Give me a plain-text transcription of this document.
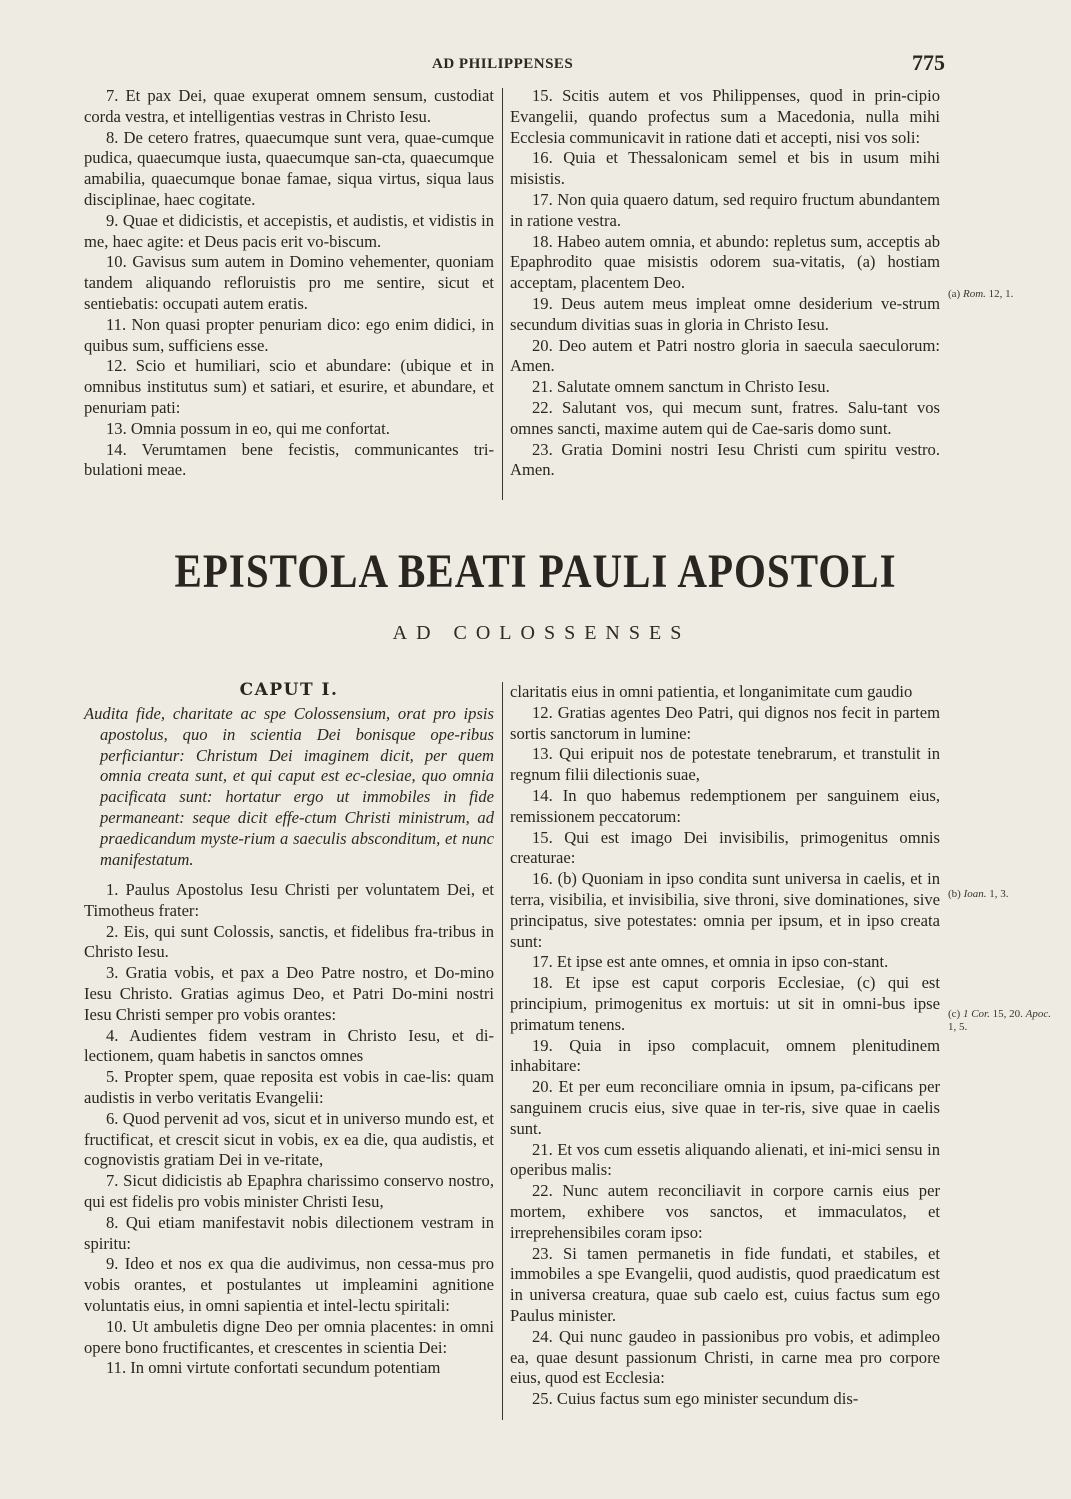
AD PHILIPPENSES	775

7. Et pax Dei, quae exuperat omnem sensum, custodiat corda vestra, et intelligentias vestras in Christo Iesu.

8. De cetero fratres, quaecumque sunt vera, quae-cumque pudica, quaecumque iusta, quaecumque san-cta, quaecumque amabilia, quaecumque bonae famae, siqua virtus, siqua laus disciplinae, haec cogitate.

9. Quae et didicistis, et accepistis, et audistis, et vidistis in me, haec agite: et Deus pacis erit vo-biscum.

10. Gavisus sum autem in Domino vehementer, quoniam tandem aliquando refloruistis pro me sentire, sicut et sentiebatis: occupati autem eratis.

11. Non quasi propter penuriam dico: ego enim didici, in quibus sum, sufficiens esse.

12. Scio et humiliari, scio et abundare: (ubique et in omnibus institutus sum) et satiari, et esurire, et abundare, et penuriam pati:

13. Omnia possum in eo, qui me confortat.

14. Verumtamen bene fecistis, communicantes tri-bulationi meae.

15. Scitis autem et vos Philippenses, quod in prin-cipio Evangelii, quando profectus sum a Macedonia, nulla mihi Ecclesia communicavit in ratione dati et accepti, nisi vos soli:

16. Quia et Thessalonicam semel et bis in usum mihi misistis.

17. Non quia quaero datum, sed requiro fructum abundantem in ratione vestra.

18. Habeo autem omnia, et abundo: repletus sum, acceptis ab Epaphrodito quae misistis odorem sua-vitatis, (a) hostiam acceptam, placentem Deo.

19. Deus autem meus impleat omne desiderium ve-strum secundum divitias suas in gloria in Christo Iesu.

20. Deo autem et Patri nostro gloria in saecula saeculorum: Amen.

21. Salutate omnem sanctum in Christo Iesu.

22. Salutant vos, qui mecum sunt, fratres. Salu-tant vos omnes sancti, maxime autem qui de Cae-saris domo sunt.

23. Gratia Domini nostri Iesu Christi cum spiritu vestro. Amen.

(a) Rom. 12, 1.
EPISTOLA BEATI PAULI APOSTOLI
AD COLOSSENSES
CAPUT I.
Audita fide, charitate ac spe Colossensium, orat pro ipsis apostolus, quo in scientia Dei bonisque ope-ribus perficiantur: Christum Dei imaginem dicit, per quem omnia creata sunt, et qui caput est ec-clesiae, quo omnia pacificata sunt: hortatur ergo ut immobiles in fide permaneant: seque dicit effe-ctum Christi ministrum, ad praedicandum myste-rium a saeculis absconditum, et nunc manifestatum.

1. Paulus Apostolus Iesu Christi per voluntatem Dei, et Timotheus frater:

2. Eis, qui sunt Colossis, sanctis, et fidelibus fra-tribus in Christo Iesu.

3. Gratia vobis, et pax a Deo Patre nostro, et Do-mino Iesu Christo. Gratias agimus Deo, et Patri Do-mini nostri Iesu Christi semper pro vobis orantes:

4. Audientes fidem vestram in Christo Iesu, et di-lectionem, quam habetis in sanctos omnes

5. Propter spem, quae reposita est vobis in cae-lis: quam audistis in verbo veritatis Evangelii:

6. Quod pervenit ad vos, sicut et in universo mundo est, et fructificat, et crescit sicut in vobis, ex ea die, qua audistis, et cognovistis gratiam Dei in ve-ritate,

7. Sicut didicistis ab Epaphra charissimo conservo nostro, qui est fidelis pro vobis minister Christi Iesu,

8. Qui etiam manifestavit nobis dilectionem vestram in spiritu:

9. Ideo et nos ex qua die audivimus, non cessa-mus pro vobis orantes, et postulantes ut impleamini agnitione voluntatis eius, in omni sapientia et intel-lectu spiritali:

10. Ut ambuletis digne Deo per omnia placentes: in omni opere bono fructificantes, et crescentes in scientia Dei:

11. In omni virtute confortati secundum potentiam

claritatis eius in omni patientia, et longanimitate cum gaudio

12. Gratias agentes Deo Patri, qui dignos nos fecit in partem sortis sanctorum in lumine:

13. Qui eripuit nos de potestate tenebrarum, et transtulit in regnum filii dilectionis suae,

14. In quo habemus redemptionem per sanguinem eius, remissionem peccatorum:

15. Qui est imago Dei invisibilis, primogenitus omnis creaturae:

16. (b) Quoniam in ipso condita sunt universa in caelis, et in terra, visibilia, et invisibilia, sive throni, sive dominationes, sive principatus, sive potestates: omnia per ipsum, et in ipso creata sunt:

17. Et ipse est ante omnes, et omnia in ipso con-stant.

18. Et ipse est caput corporis Ecclesiae, (c) qui est principium, primogenitus ex mortuis: ut sit in omni-bus ipse primatum tenens.

19. Quia in ipso complacuit, omnem plenitudinem inhabitare:

20. Et per eum reconciliare omnia in ipsum, pa-cificans per sanguinem crucis eius, sive quae in ter-ris, sive quae in caelis sunt.

21. Et vos cum essetis aliquando alienati, et ini-mici sensu in operibus malis:

22. Nunc autem reconciliavit in corpore carnis eius per mortem, exhibere vos sanctos, et immaculatos, et irreprehensibiles coram ipso:

23. Si tamen permanetis in fide fundati, et stabiles, et immobiles a spe Evangelii, quod audistis, quod praedicatum est in universa creatura, quae sub caelo est, cuius factus sum ego Paulus minister.

24. Qui nunc gaudeo in passionibus pro vobis, et adimpleo ea, quae desunt passionum Christi, in carne mea pro corpore eius, quod est Ecclesia:

25. Cuius factus sum ego minister secundum dis-

(b) Ioan. 1, 3.
(c) 1 Cor. 15, 20. Apoc. 1, 5.
